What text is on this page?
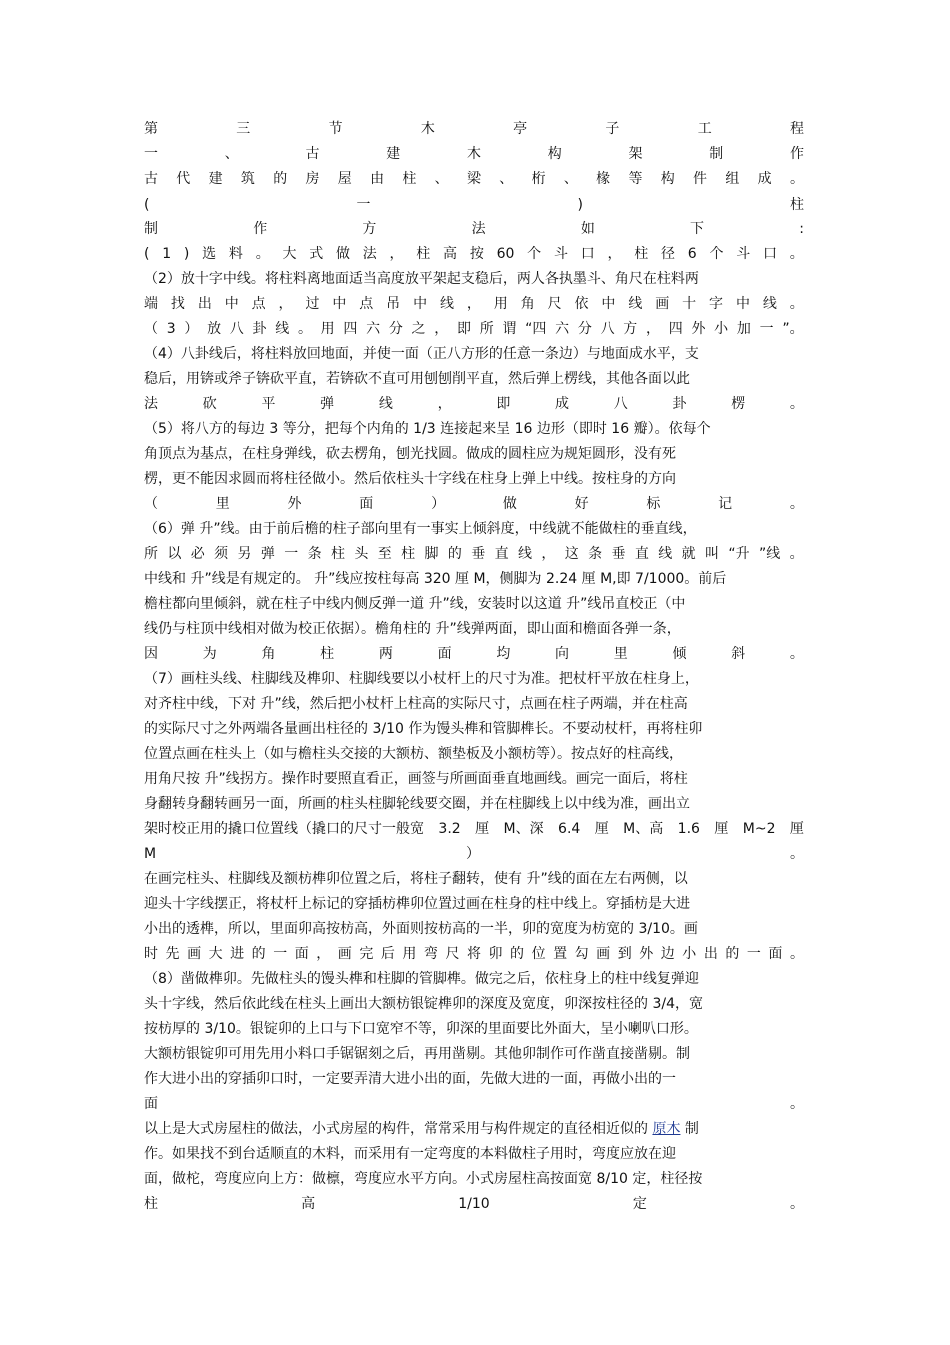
第	三	节	木	亭	子	工	程
一	、	古	建	木	构	架	制	作
古 代 建 筑 的 房 屋 由 柱 、 梁 、 桁 、 椽 等 构 件 组 成 。
(	一	)	柱
制	作	方	法	如	下	:
( 1 ) 选 料 。 大 式 做 法 ， 柱 高 按 60 个 斗 口 ， 柱 径 6 个 斗 口 。
（2）放十字中线。将柱料离地面适当高度放平架起支稳后，两人各执墨斗、角尺在柱料两
端 找 出 中 点 ， 过 中 点 吊 中 线 ， 用 角 尺 依 中 线 画 十 字 中 线 。
（ 3 ） 放 八 卦 线 。 用 四 六 分 之 ， 即 所 谓 “四 六 分 八 方 ， 四 外 小 加 一 ”。
（4）八卦线后，将柱料放回地面，并使一面（正八方形的任意一条边）与地面成水平，支
稳后，用锛或斧子锛砍平直，若锛砍不直可用刨刨削平直，然后弹上楞线，其他各面以此
法	砍	平	弹	线	，	即	成	八	卦	楞	。
（5）将八方的每边 3 等分，把每个内角的 1/3 连接起来呈 16 边形（即时 16 瓣）。依每个
角顶点为基点，在柱身弹线，砍去楞角，刨光找圆。做成的圆柱应为规矩圆形，没有死
楞，更不能因求圆而将柱径做小。然后依柱头十字线在柱身上弹上中线。按柱身的方向
（	里	外	面	）	做	好	标	记	。
（6）弹 升”线。由于前后檐的柱子部向里有一事实上倾斜度，中线就不能做柱的垂直线，
所 以 必 须 另 弹 一 条 柱 头 至 柱 脚 的 垂 直 线 ， 这 条 垂 直 线 就 叫 “升 ”线 。
中线和 升”线是有规定的。 升”线应按柱每高 320 厘 M，侧脚为 2.24 厘 M,即 7/1000。前后
檐柱都向里倾斜，就在柱子中线内侧反弹一道 升”线，安装时以这道 升”线吊直校正（中
线仍与柱顶中线相对做为校正依据）。檐角柱的 升”线弹两面，即山面和檐面各弹一条，
因	为	角	柱	两	面	均	向	里	倾	斜	。
（7）画柱头线、柱脚线及榫卯、柱脚线要以小杖杆上的尺寸为准。把杖杆平放在柱身上，
对齐柱中线，下对 升”线，然后把小杖杆上柱高的实际尺寸，点画在柱子两端，并在柱高
的实际尺寸之外两端各量画出柱径的 3/10 作为馒头榫和管脚榫长。不要动杖杆，再将柱卯
位置点画在柱头上（如与檐柱头交接的大额枋、额垫板及小额枋等）。按点好的柱高线，
用角尺按 升”线拐方。操作时要照直看正，画签与所画面垂直地画线。画完一面后，将柱
身翻转身翻转画另一面，所画的柱头柱脚轮线要交圈，并在柱脚线上以中线为准，画出立
架时校正用的撬口位置线（撬口的尺寸一般宽 3.2 厘 M、深 6.4 厘 M、高 1.6 厘 M~2 厘
M	）	。
在画完柱头、柱脚线及额枋榫卯位置之后，将柱子翻转，使有 升”线的面在左右两侧，以
迎头十字线摆正，将杖杆上标记的穿插枋榫卯位置过画在柱身的柱中线上。穿插枋是大进
小出的透榫，所以，里面卯高按枋高，外面则按枋高的一半，卯的宽度为枋宽的 3/10。画
时 先 画 大 进 的 一 面 ， 画 完 后 用 弯 尺 将 卯 的 位 置 勾 画 到 外 边 小 出 的 一 面 。
（8）凿做榫卯。先做柱头的馒头榫和柱脚的管脚榫。做完之后，依柱身上的柱中线复弹迎
头十字线，然后依此线在柱头上画出大额枋银锭榫卯的深度及宽度，卯深按柱径的 3/4，宽
按枋厚的 3/10。银锭卯的上口与下口宽窄不等，卯深的里面要比外面大，呈小喇叭口形。
大额枋银锭卯可用先用小料口手锯锯刻之后，再用凿剔。其他卯制作可作凿直接凿剔。制
作大进小出的穿插卯口时，一定要弄清大进小出的面，先做大进的一面，再做小出的一
面	。
以上是大式房屋柱的做法，小式房屋的构件，常常采用与构件规定的直径相近似的 原木 制
作。如果找不到台适顺直的木料，而采用有一定弯度的本料做柱子用时，弯度应放在迎
面，做柁，弯度应向上方：做檩，弯度应水平方向。小式房屋柱高按面宽 8/10 定，柱径按
柱	高	1/10	定	。
